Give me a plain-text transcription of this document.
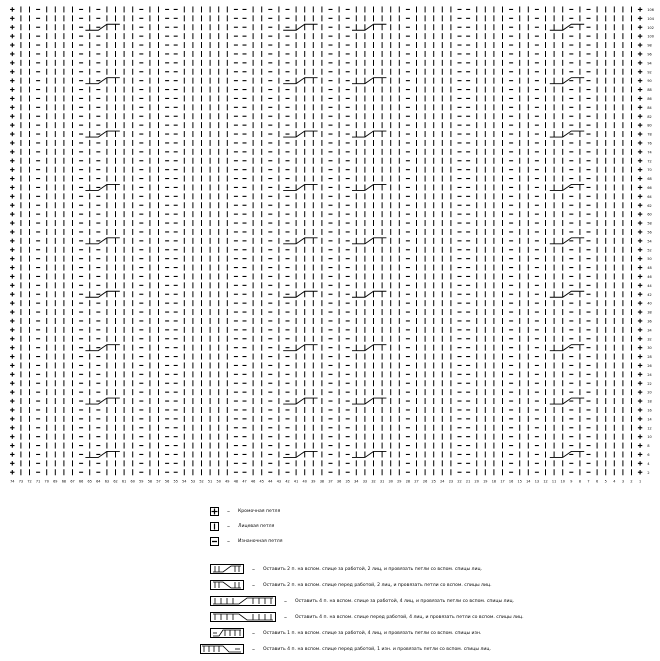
106
104
102
100
98
96
94
92
90
88
86
84
82
80
78
76
74
72
70
68
66
64
62
60
58
56
54
52
50
48
46
44
42
40
38
36
34
32
30
28
26
24
22
20
18
16
14
12
10
8
6
4
2
74 73 72 71 70 69 68 67 66 65 64 63 62 61 60 59 58 57 56 55 54 53 52 51 50 49 48 47 46 45 44 43 42 41 40 39 38 37 36 35 34 33 32 31 30 29 28 27 26 25 24 23 22 21 20 19 18 17 16 15 14 13 12 11 10 9 8 7 6 5 4 3 2 1
– Кромочная петля
– Лицевая петля
– Изнаночная петля
– Оставить 2 п. на вспом. спице за работой, 2 лиц, и провязать петли со вспом. спицы лиц.
– Оставить 2 п. на вспом. спице перед работой, 2 лиц, и провязать петли со вспом. спицы лиц.
– Оставить 4 п. на вспом. спице за работой, 4 лиц, и провязать петли со вспом. спицы лиц.
– Оставить 4 п. на вспом. спице перед работой, 4 лиц, и провязать петли со вспом. спицы лиц.
– Оставить 1 п. на вспом. спице за работой, 4 лиц, и провязать петли со вспом. спицы изн.
– Оставить 4 п. на вспом. спице перед работой, 1 изн. и провязать петли со вспом. спицы лиц.
